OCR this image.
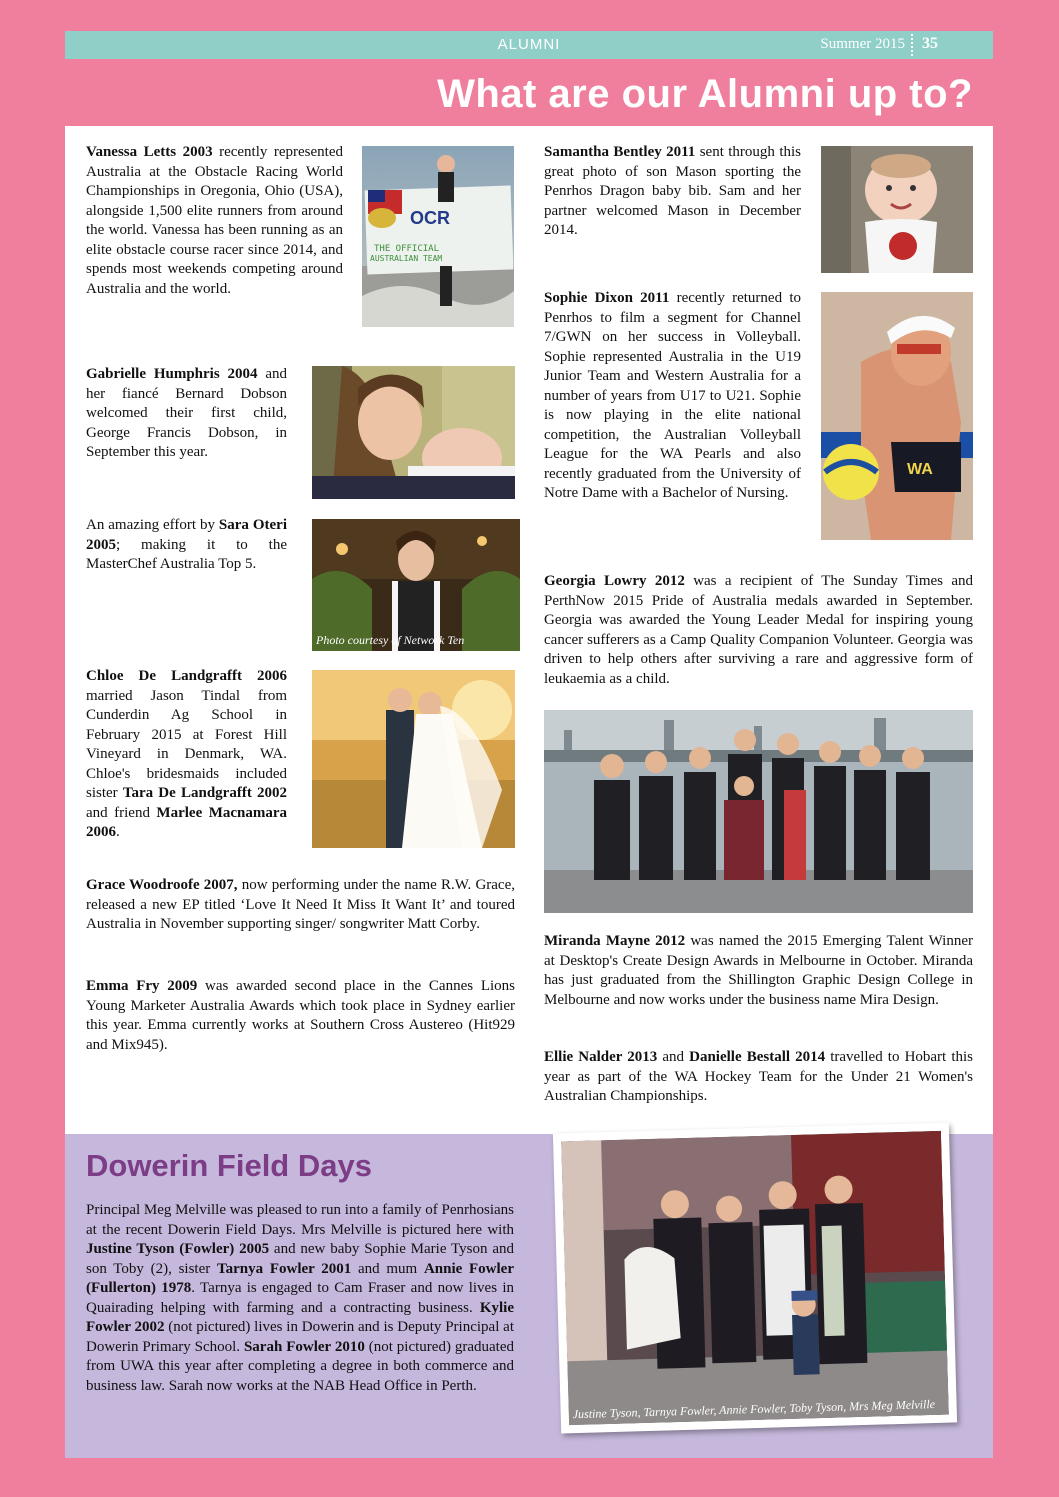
ALUMNI	Summer 2015 35
What are our Alumni up to?

Vanessa Letts 2003 recently represented Australia at the Obstacle Racing World Championships in Oregonia, Ohio (USA), alongside 1,500 elite runners from around the world. Vanessa has been running as an elite obstacle course racer since 2014, and spends most weekends competing around Australia and the world.

OCR
THE OFFICIAL
AUSTRALIAN TEAM

Gabrielle Humphris 2004 and her fiancé Bernard Dobson welcomed their first child, George Francis Dobson, in September this year.

An amazing effort by Sara Oteri 2005; making it to the MasterChef Australia Top 5.

Photo courtesy of Network Ten

Chloe De Landgrafft 2006 married Jason Tindal from Cunderdin Ag School in February 2015 at Forest Hill Vineyard in Denmark, WA. Chloe's bridesmaids included sister Tara De Landgrafft 2002 and friend Marlee Macnamara 2006.

Grace Woodroofe 2007, now performing under the name R.W. Grace, released a new EP titled ‘Love It Need It Miss It Want It’ and toured Australia in November supporting singer/ songwriter Matt Corby.

Emma Fry 2009 was awarded second place in the Cannes Lions Young Marketer Australia Awards which took place in Sydney earlier this year. Emma currently works at Southern Cross Austereo (Hit929 and Mix945).

Samantha Bentley 2011 sent through this great photo of son Mason sporting the Penrhos Dragon baby bib. Sam and her partner welcomed Mason in December 2014.

Sophie Dixon 2011 recently returned to Penrhos to film a segment for Channel 7/GWN on her success in Volleyball. Sophie represented Australia in the U19 Junior Team and Western Australia for a number of years from U17 to U21. Sophie is now playing in the elite national competition, the Australian Volleyball League for the WA Pearls and also recently graduated from the University of Notre Dame with a Bachelor of Nursing.

WA

Georgia Lowry 2012 was a recipient of The Sunday Times and PerthNow 2015 Pride of Australia medals awarded in September. Georgia was awarded the Young Leader Medal for inspiring young cancer sufferers as a Camp Quality Companion Volunteer. Georgia was driven to help others after surviving a rare and aggressive form of leukaemia as a child.

Miranda Mayne 2012 was named the 2015 Emerging Talent Winner at Desktop's Create Design Awards in Melbourne in October. Miranda has just graduated from the Shillington Graphic Design College in Melbourne and now works under the business name Mira Design.

Ellie Nalder 2013 and Danielle Bestall 2014 travelled to Hobart this year as part of the WA Hockey Team for the Under 21 Women's Australian Championships.

Dowerin Field Days

Principal Meg Melville was pleased to run into a family of Penrhosians at the recent Dowerin Field Days. Mrs Melville is pictured here with Justine Tyson (Fowler) 2005 and new baby Sophie Marie Tyson and son Toby (2), sister Tarnya Fowler 2001 and mum Annie Fowler (Fullerton) 1978. Tarnya is engaged to Cam Fraser and now lives in Quairading helping with farming and a contracting business. Kylie Fowler 2002 (not pictured) lives in Dowerin and is Deputy Principal at Dowerin Primary School. Sarah Fowler 2010 (not pictured) graduated from UWA this year after completing a degree in both commerce and business law. Sarah now works at the NAB Head Office in Perth.

Justine Tyson, Tarnya Fowler, Annie Fowler, Toby Tyson, Mrs Meg Melville
